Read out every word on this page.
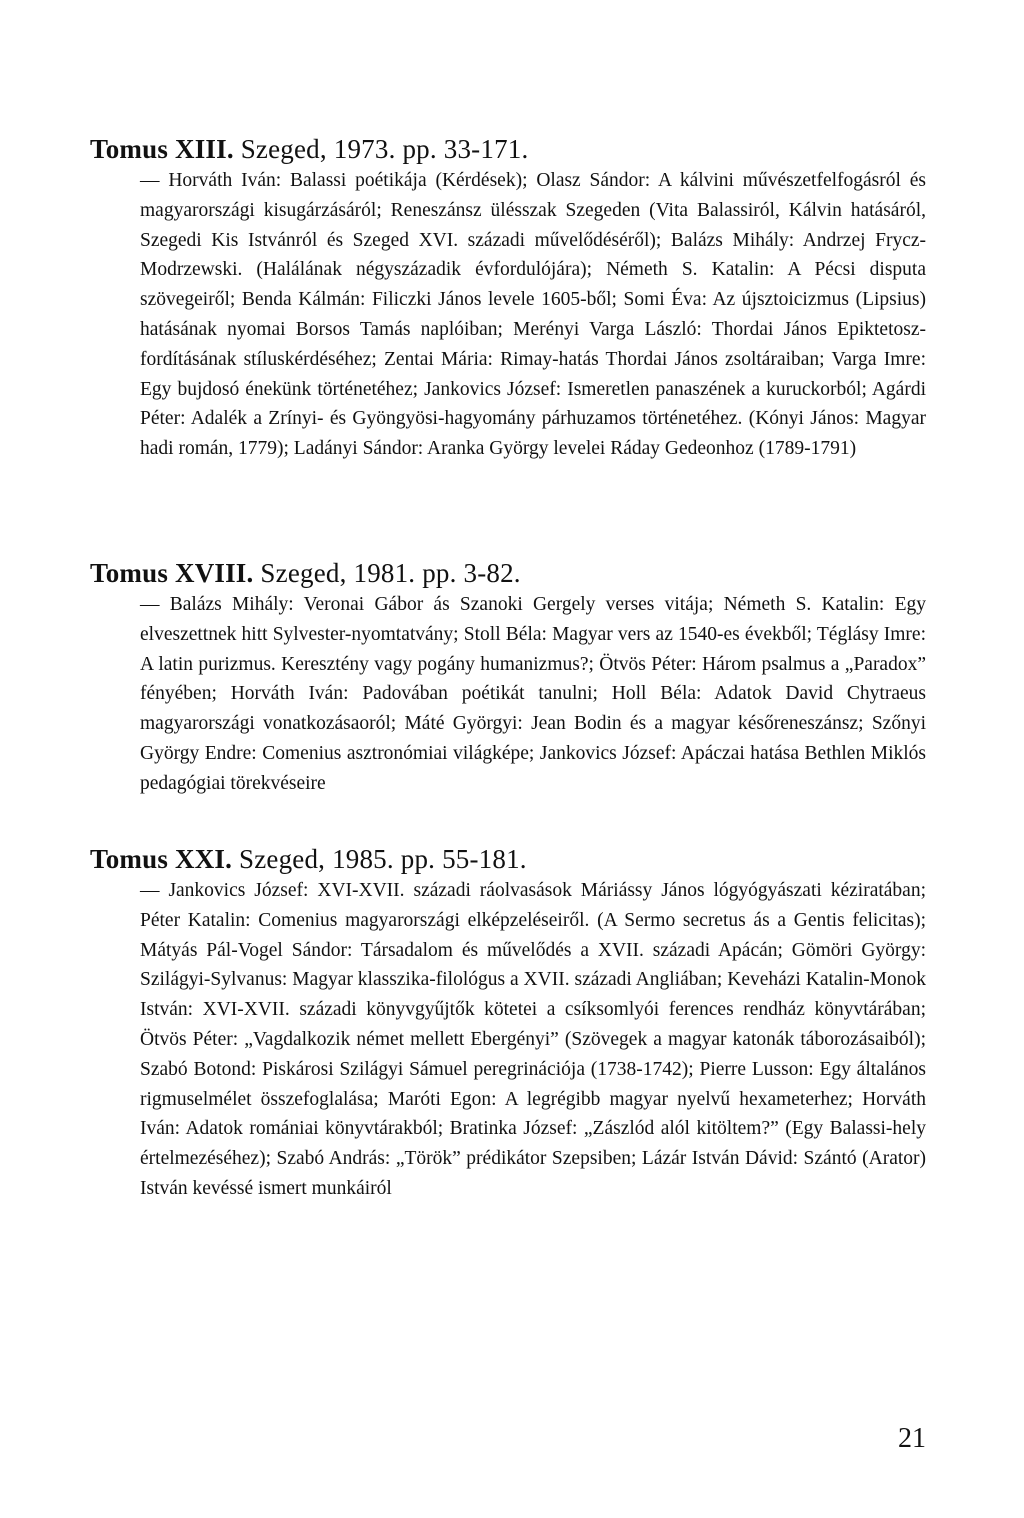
Tomus XIII. Szeged, 1973. pp. 33-171.
— Horváth Iván: Balassi poétikája (Kérdések); Olasz Sándor: A kálvini művészetfelfogásról és magyarországi kisugárzásáról; Reneszánsz ülésszak Szegeden (Vita Balassiról, Kálvin hatásáról, Szegedi Kis Istvánról és Szeged XVI. századi művelődéséről); Balázs Mihály: Andrzej Frycz-Modrzewski. (Halálának négyszázadik évfordulójára); Németh S. Katalin: A Pécsi disputa szövegeiről; Benda Kálmán: Filiczki János levele 1605-ből; Somi Éva: Az újsztoicizmus (Lipsius) hatásának nyomai Borsos Tamás naplóiban; Merényi Varga László: Thordai János Epiktetosz-fordításának stíluskérdéséhez; Zentai Mária: Rimay-hatás Thordai János zsoltáraiban; Varga Imre: Egy bujdosó énekünk történetéhez; Jankovics József: Ismeretlen panaszének a kuruckorból; Agárdi Péter: Adalék a Zrínyi- és Gyöngyösi-hagyomány párhuzamos történetéhez. (Kónyi János: Magyar hadi román, 1779); Ladányi Sándor: Aranka György levelei Ráday Gedeonhoz (1789-1791)
Tomus XVIII. Szeged, 1981. pp. 3-82.
— Balázs Mihály: Veronai Gábor ás Szanoki Gergely verses vitája; Németh S. Katalin: Egy elveszettnek hitt Sylvester-nyomtatvány; Stoll Béla: Magyar vers az 1540-es évekből; Téglásy Imre: A latin purizmus. Keresztény vagy pogány humanizmus?; Ötvös Péter: Három psalmus a „Paradox” fényében; Horváth Iván: Padovában poétikát tanulni; Holl Béla: Adatok David Chytraeus magyarországi vonatkozásaoról; Máté Györgyi: Jean Bodin és a magyar későreneszánsz; Szőnyi György Endre: Comenius asztronómiai világképe; Jankovics József: Apáczai hatása Bethlen Miklós pedagógiai törekvéseire
Tomus XXI. Szeged, 1985. pp. 55-181.
— Jankovics József: XVI-XVII. századi ráolvasások Máriássy János lógyógyászati kéziratában; Péter Katalin: Comenius magyarországi elképzeléseiről. (A Sermo secretus ás a Gentis felicitas); Mátyás Pál-Vogel Sándor: Társadalom és művelődés a XVII. századi Apácán; Gömöri György: Szilágyi-Sylvanus: Magyar klasszika-filológus a XVII. századi Angliában; Keveházi Katalin-Monok István: XVI-XVII. századi könyvgyűjtők kötetei a csíksomlyói ferences rendház könyvtárában; Ötvös Péter: „Vagdalkozik német mellett Ebergényi” (Szövegek a magyar katonák táborozásaiból); Szabó Botond: Piskárosi Szilágyi Sámuel peregrinációja (1738-1742); Pierre Lusson: Egy általános rigmuselmélet összefoglalása; Maróti Egon: A legrégibb magyar nyelvű hexameterhez; Horváth Iván: Adatok romániai könyvtárakból; Bratinka József: „Zászlód alól kitöltem?” (Egy Balassi-hely értelmezéséhez); Szabó András: „Török” prédikátor Szepsiben; Lázár István Dávid: Szántó (Arator) István kevéssé ismert munkáiról
21
